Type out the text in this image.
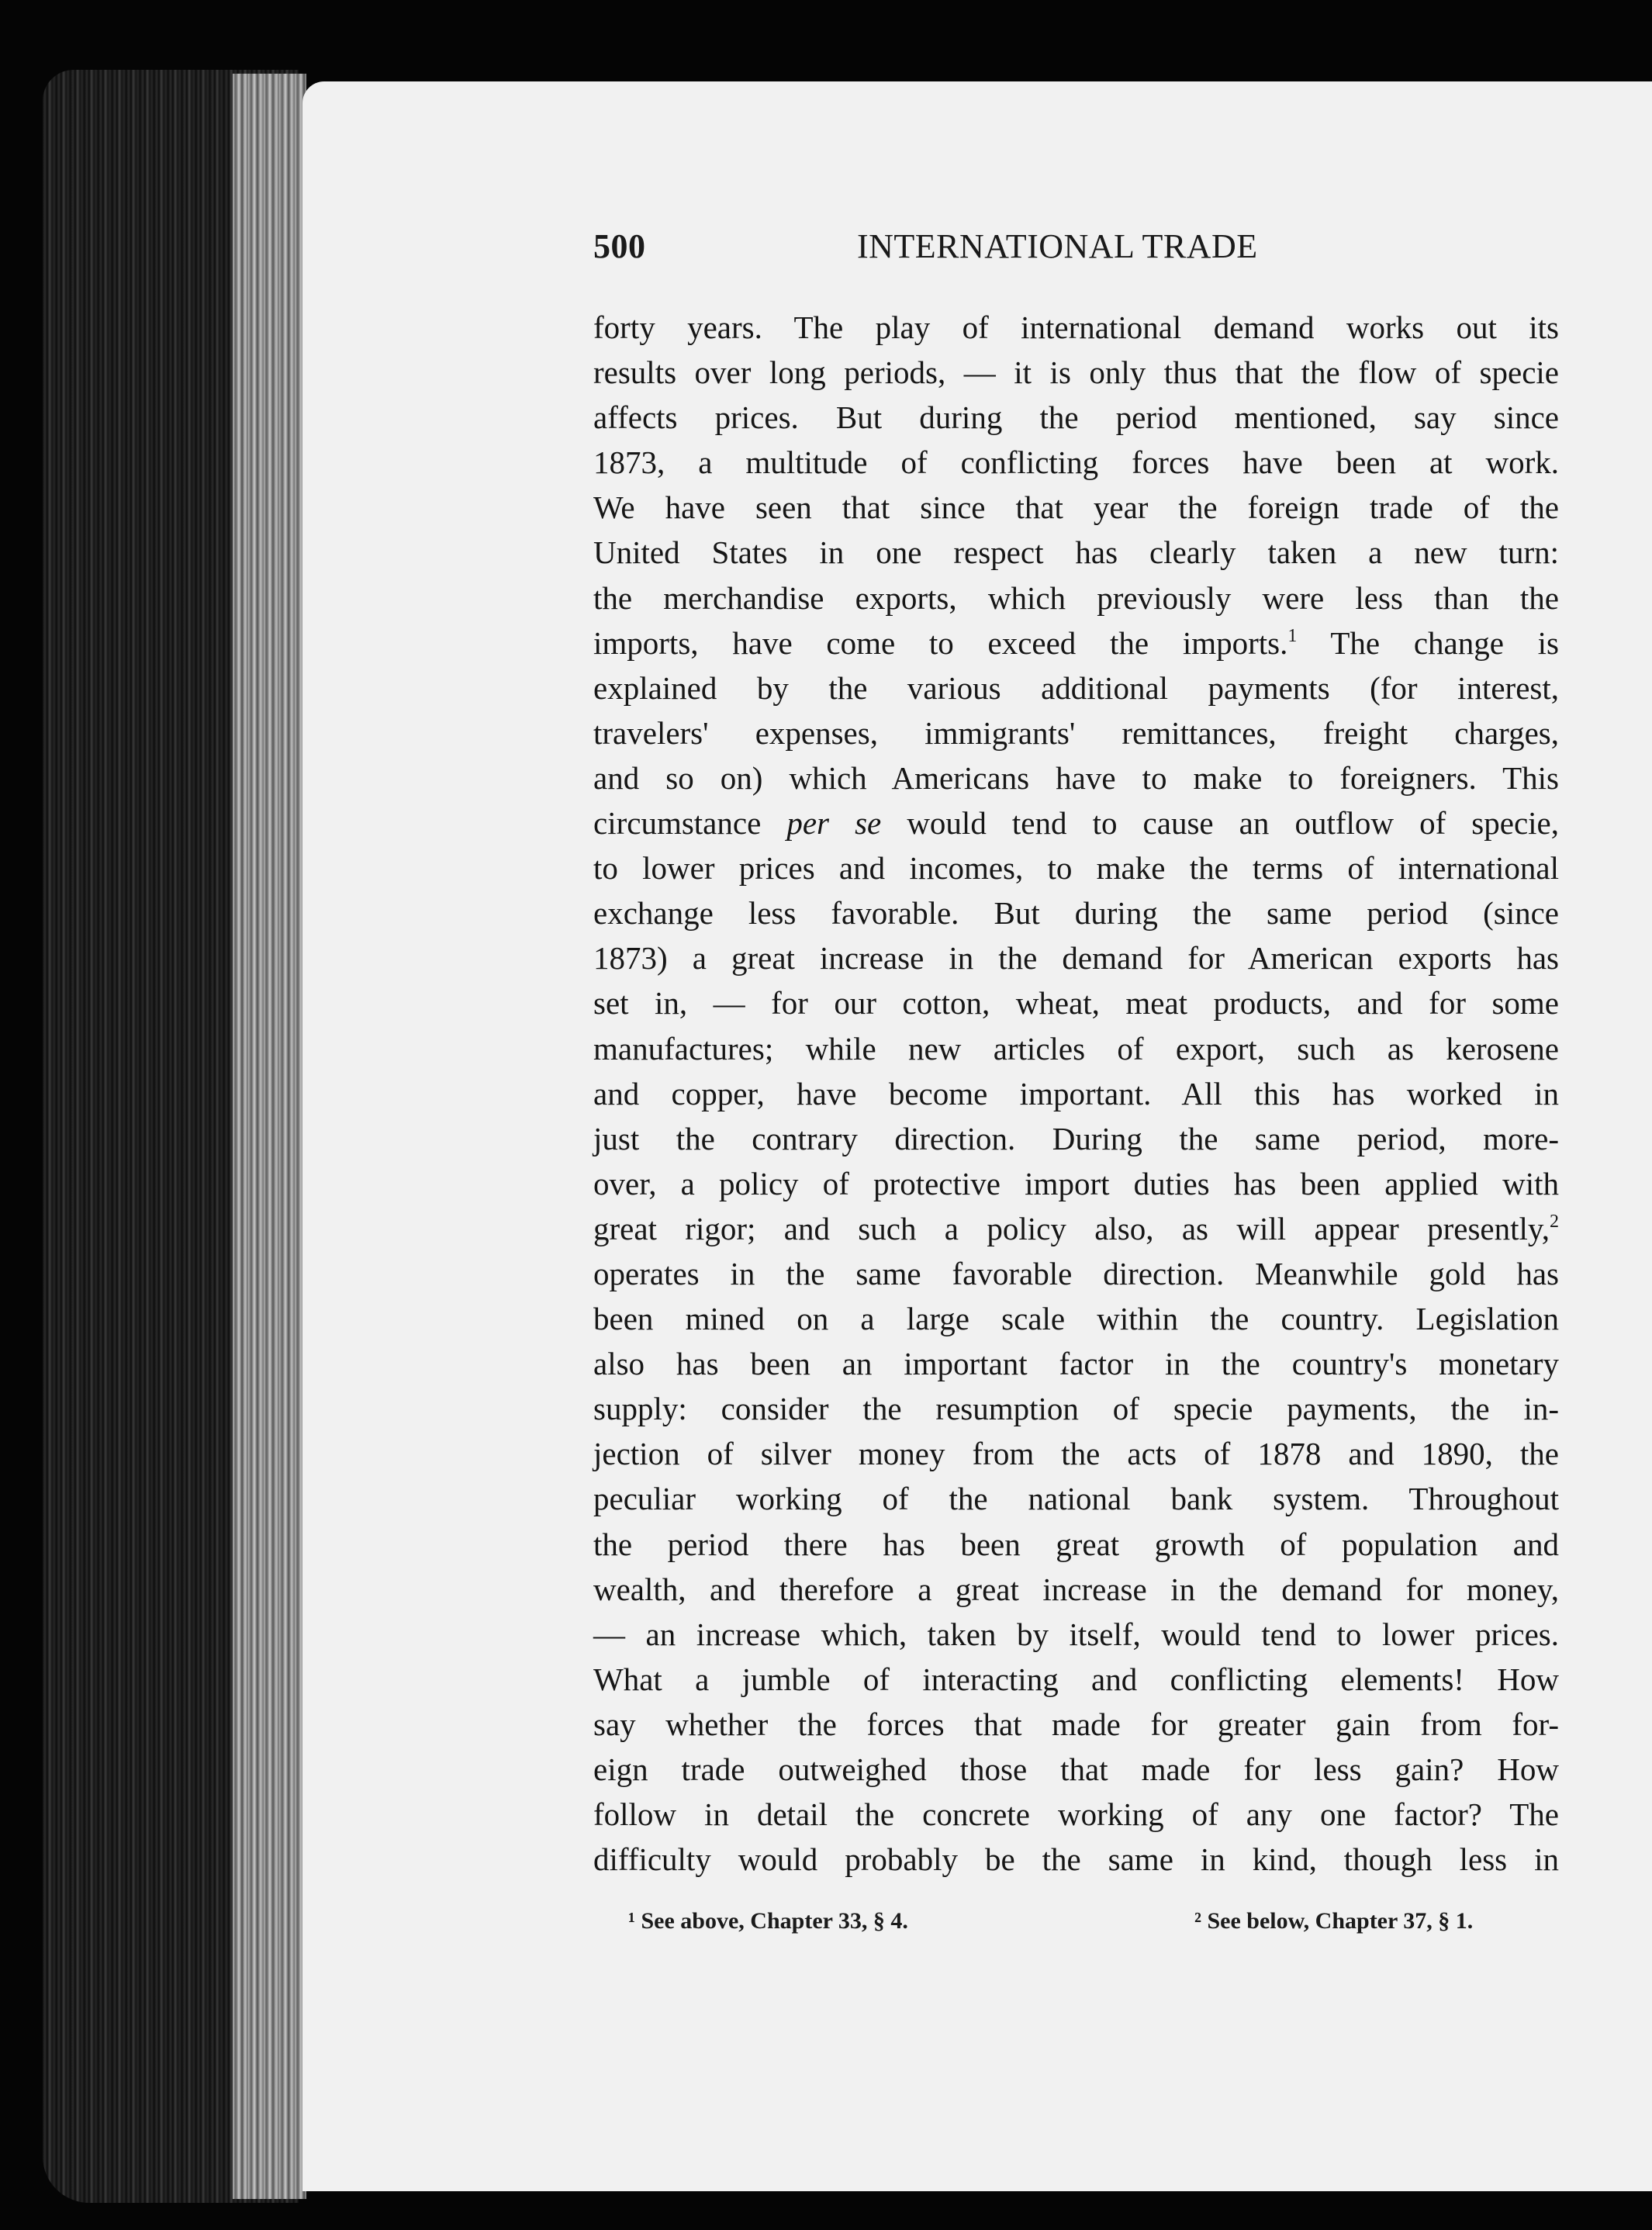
500	INTERNATIONAL TRADE
forty years. The play of international demand works out its
results over long periods, — it is only thus that the flow of specie
affects prices. But during the period mentioned, say since
1873, a multitude of conflicting forces have been at work.
We have seen that since that year the foreign trade of the
United States in one respect has clearly taken a new turn:
the merchandise exports, which previously were less than the
imports, have come to exceed the imports.$^1$ The change is
explained by the various additional payments (for interest,
travelers' expenses, immigrants' remittances, freight charges,
and so on) which Americans have to make to foreigners. This
circumstance per se would tend to cause an outflow of specie,
to lower prices and incomes, to make the terms of international
exchange less favorable. But during the same period (since
1873) a great increase in the demand for American exports has
set in, — for our cotton, wheat, meat products, and for some
manufactures; while new articles of export, such as kerosene
and copper, have become important. All this has worked in
just the contrary direction. During the same period, more-
over, a policy of protective import duties has been applied with
great rigor; and such a policy also, as will appear presently,$^2$
operates in the same favorable direction. Meanwhile gold has
been mined on a large scale within the country. Legislation
also has been an important factor in the country's monetary
supply: consider the resumption of specie payments, the in-
jection of silver money from the acts of 1878 and 1890, the
peculiar working of the national bank system. Throughout
the period there has been great growth of population and
wealth, and therefore a great increase in the demand for money,
— an increase which, taken by itself, would tend to lower prices.
What a jumble of interacting and conflicting elements! How
say whether the forces that made for greater gain from for-
eign trade outweighed those that made for less gain? How
follow in detail the concrete working of any one factor? The
difficulty would probably be the same in kind, though less in
¹ See above, Chapter 33, § 4.	² See below, Chapter 37, § 1.
